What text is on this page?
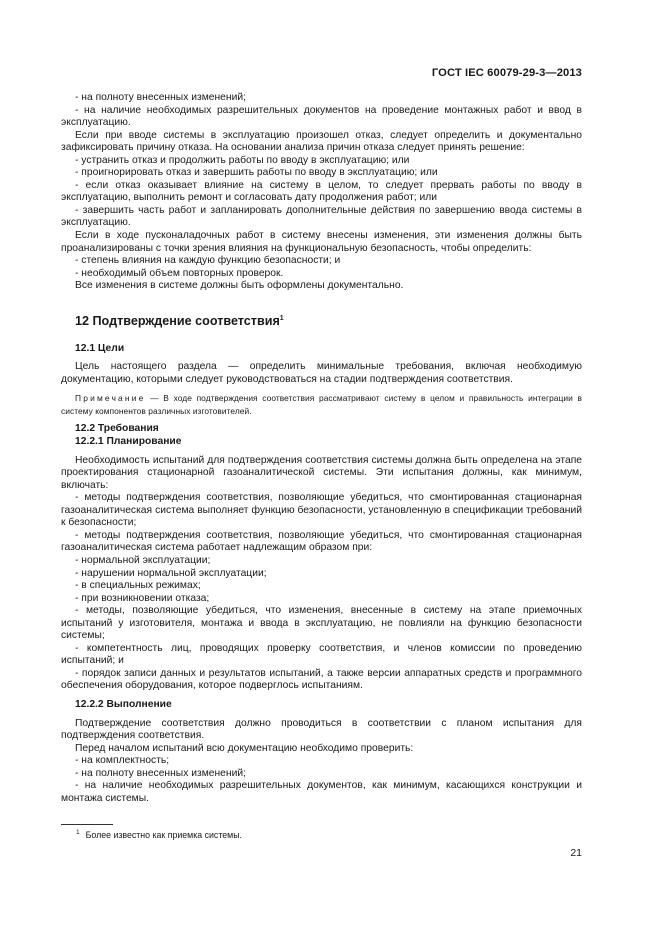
ГОСТ IEC 60079-29-3—2013

- на полноту внесенных изменений;

- на наличие необходимых разрешительных документов на проведение монтажных работ и ввод в эксплуатацию.

Если при вводе системы в эксплуатацию произошел отказ, следует определить и документально зафиксировать причину отказа. На основании анализа причин отказа следует принять решение:

- устранить отказ и продолжить работы по вводу в эксплуатацию; или

- проигнорировать отказ и завершить работы по вводу в эксплуатацию; или

- если отказ оказывает влияние на систему в целом, то следует прервать работы по вводу в эксплуатацию, выполнить ремонт и согласовать дату продолжения работ; или

- завершить часть работ и запланировать дополнительные действия по завершению ввода системы в эксплуатацию.

Если в ходе пусконаладочных работ в систему внесены изменения, эти изменения должны быть проанализированы с точки зрения влияния на функциональную безопасность, чтобы определить:

- степень влияния на каждую функцию безопасности; и

- необходимый объем повторных проверок.

Все изменения в системе должны быть оформлены документально.

12 Подтверждение соответствия$^1$

12.1 Цели

Цель настоящего раздела — определить минимальные требования, включая необходимую документацию, которыми следует руководствоваться на стадии подтверждения соответствия.

Примечание — В ходе подтверждения соответствия рассматривают систему в целом и правильность интеграции в систему компонентов различных изготовителей.

12.2 Требования

12.2.1 Планирование

Необходимость испытаний для подтверждения соответствия системы должна быть определена на этапе проектирования стационарной газоаналитической системы. Эти испытания должны, как минимум, включать:

- методы подтверждения соответствия, позволяющие убедиться, что смонтированная стационарная газоаналитическая система выполняет функцию безопасности, установленную в спецификации требований к безопасности;

- методы подтверждения соответствия, позволяющие убедиться, что смонтированная стационарная газоаналитическая система работает надлежащим образом при:

- нормальной эксплуатации;

- нарушении нормальной эксплуатации;

- в специальных режимах;

- при возникновении отказа;

- методы, позволяющие убедиться, что изменения, внесенные в систему на этапе приемочных испытаний у изготовителя, монтажа и ввода в эксплуатацию, не повлияли на функцию безопасности системы;

- компетентность лиц, проводящих проверку соответствия, и членов комиссии по проведению испытаний; и

- порядок записи данных и результатов испытаний, а также версии аппаратных средств и программного обеспечения оборудования, которое подверглось испытаниям.

12.2.2 Выполнение

Подтверждение соответствия должно проводиться в соответствии с планом испытания для подтверждения соответствия.

Перед началом испытаний всю документацию необходимо проверить:

- на комплектность;

- на полноту внесенных изменений;

- на наличие необходимых разрешительных документов, как минимум, касающихся конструкции и монтажа системы.

$^1$ Более известно как приемка системы.
21
